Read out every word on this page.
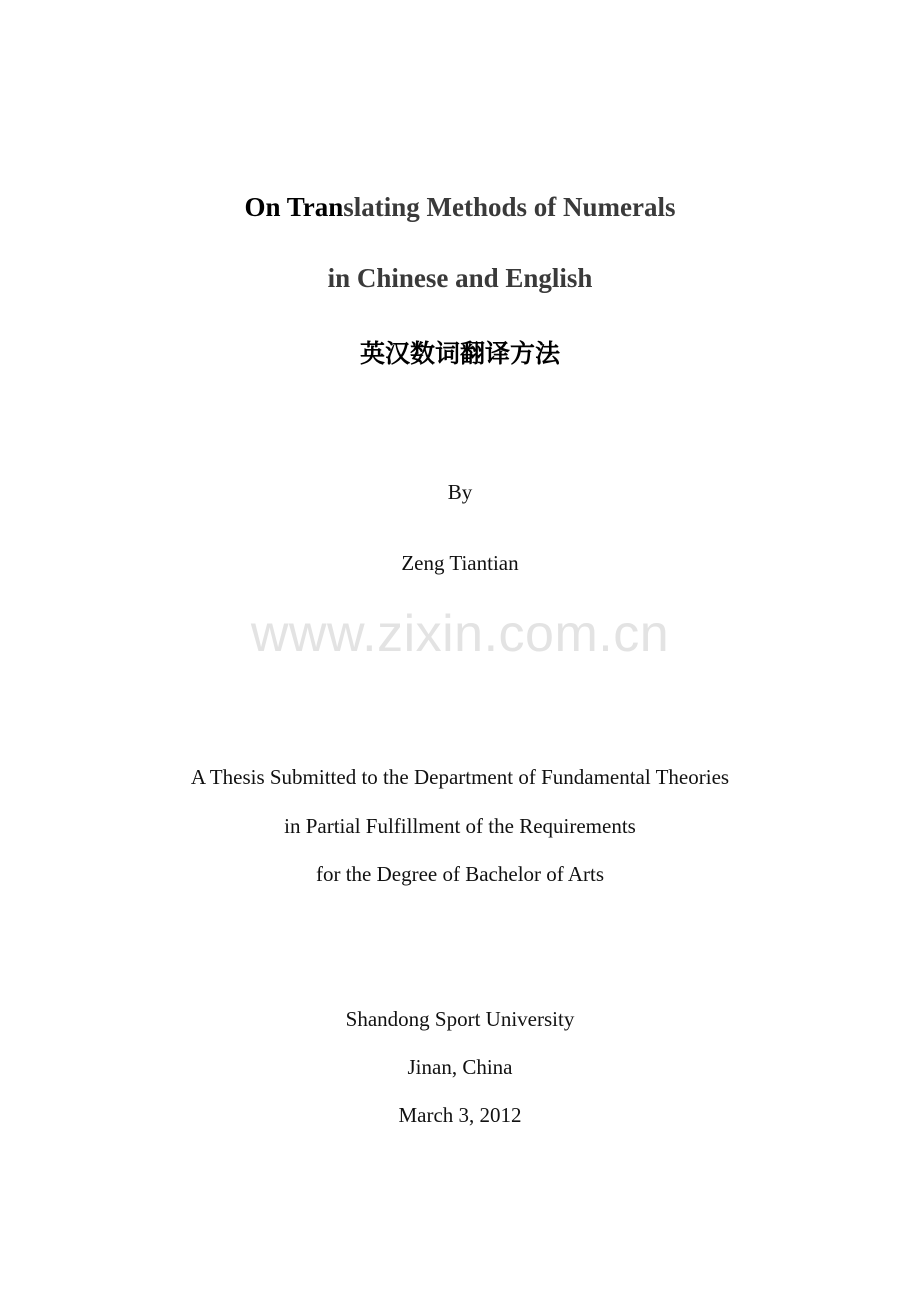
On Translating Methods of Numerals
in Chinese and English
英汉数词翻译方法
By
Zeng Tiantian
www.zixin.com.cn
A Thesis Submitted to the Department of Fundamental Theories
in Partial Fulfillment of the Requirements
for the Degree of Bachelor of Arts
Shandong Sport University
Jinan, China
March 3, 2012
